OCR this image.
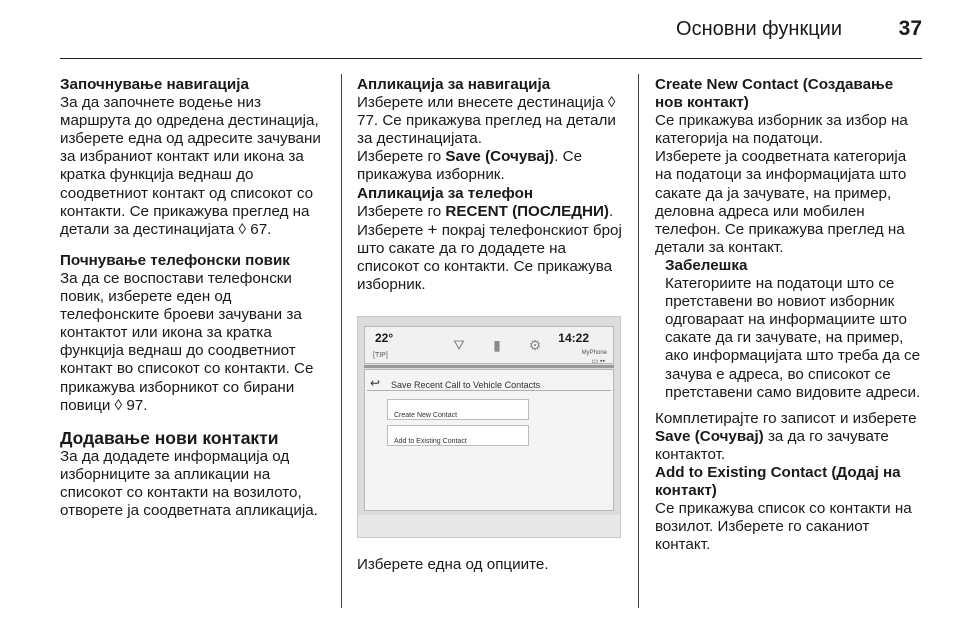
Основни функции	37

Започнување навигација

За да започнете водење низ маршрута до одредена дестинација, изберете една од адресите зачувани за избраниот контакт или икона за кратка функција веднаш до соодветниот контакт од списокот со контакти. Се прикажува преглед на детали за дестинацијата ◊ 67.

Почнување телефонски повик

За да се воспостави телефонски повик, изберете еден од телефонските броеви зачувани за контактот или икона за кратка функција веднаш до соодветниот контакт во списокот со контакти. Се прикажува изборникот со бирани повици ◊ 97.

Додавање нови контакти

За да додадете информација од изборниците за апликации на списокот со контакти на возилото, отворете ја соодветната апликација.

Апликација за навигација

Изберете или внесете дестинација ◊ 77. Се прикажува преглед на детали за дестинацијата.

Изберете го Save (Сочувај). Се прикажува изборник.

Апликација за телефон

Изберете го RECENT (ПОСЛЕДНИ). Изберете + покрај телефонскиот број што сакате да го додадете на списокот со контакти. Се прикажува изборник.

22°
[TIP]
⛛	▮	⚙	14:22
MyPhone
▭ ▪▪
↩ Save Recent Call to Vehicle Contacts
Create New Contact
Add to Existing Contact

Изберете една од опциите.

Create New Contact (Создавање нов контакт)

Се прикажува изборник за избор на категорија на податоци.

Изберете ја соодветната категорија на податоци за информацијата што сакате да ја зачувате, на пример, деловна адреса или мобилен телефон. Се прикажува преглед на детали за контакт.

Забелешка

Категориите на податоци што се претставени во новиот изборник одговараат на информациите што сакате да ги зачувате, на пример, ако информацијата што треба да се зачува е адреса, во списокот се претставени само видовите адреси.

Комплетирајте го записот и изберете Save (Сочувај) за да го зачувате контактот.

Add to Existing Contact (Додај на контакт)

Се прикажува список со контакти на возилот. Изберете го саканиот контакт.
